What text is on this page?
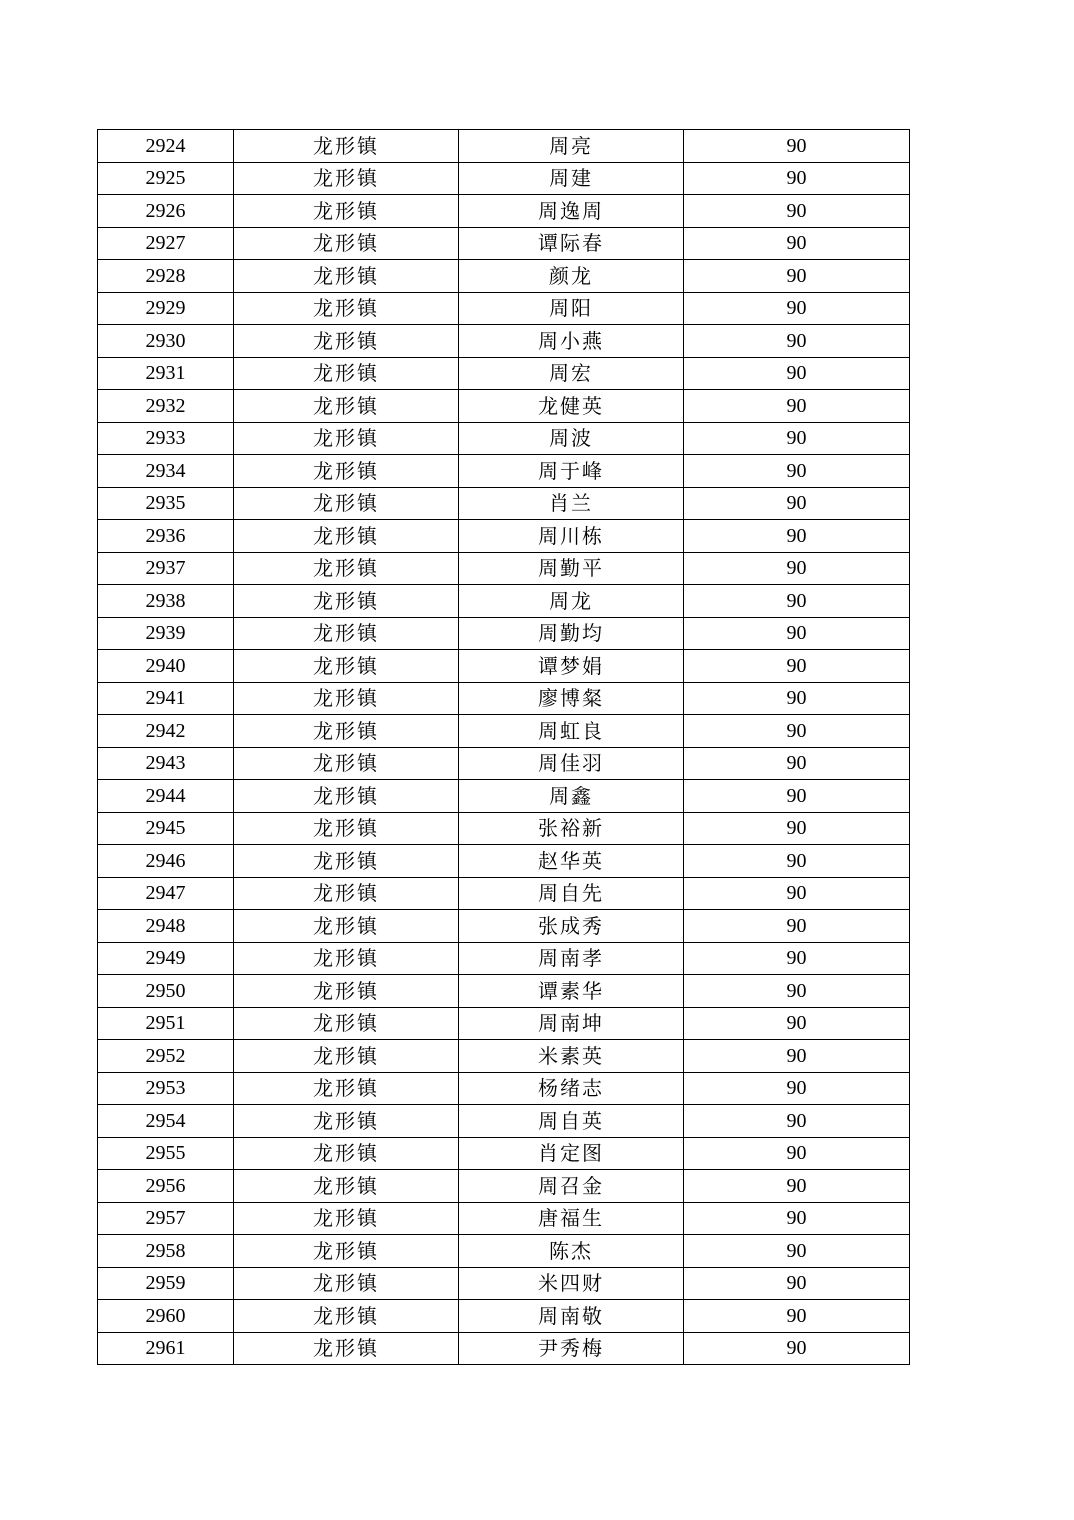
2924	龙形镇	周亮	90
2925	龙形镇	周建	90
2926	龙形镇	周逸周	90
2927	龙形镇	谭际春	90
2928	龙形镇	颜龙	90
2929	龙形镇	周阳	90
2930	龙形镇	周小燕	90
2931	龙形镇	周宏	90
2932	龙形镇	龙健英	90
2933	龙形镇	周波	90
2934	龙形镇	周于峰	90
2935	龙形镇	肖兰	90
2936	龙形镇	周川栋	90
2937	龙形镇	周勤平	90
2938	龙形镇	周龙	90
2939	龙形镇	周勤均	90
2940	龙形镇	谭梦娟	90
2941	龙形镇	廖博粲	90
2942	龙形镇	周虹良	90
2943	龙形镇	周佳羽	90
2944	龙形镇	周鑫	90
2945	龙形镇	张裕新	90
2946	龙形镇	赵华英	90
2947	龙形镇	周自先	90
2948	龙形镇	张成秀	90
2949	龙形镇	周南孝	90
2950	龙形镇	谭素华	90
2951	龙形镇	周南坤	90
2952	龙形镇	米素英	90
2953	龙形镇	杨绪志	90
2954	龙形镇	周自英	90
2955	龙形镇	肖定图	90
2956	龙形镇	周召金	90
2957	龙形镇	唐福生	90
2958	龙形镇	陈杰	90
2959	龙形镇	米四财	90
2960	龙形镇	周南敬	90
2961	龙形镇	尹秀梅	90
